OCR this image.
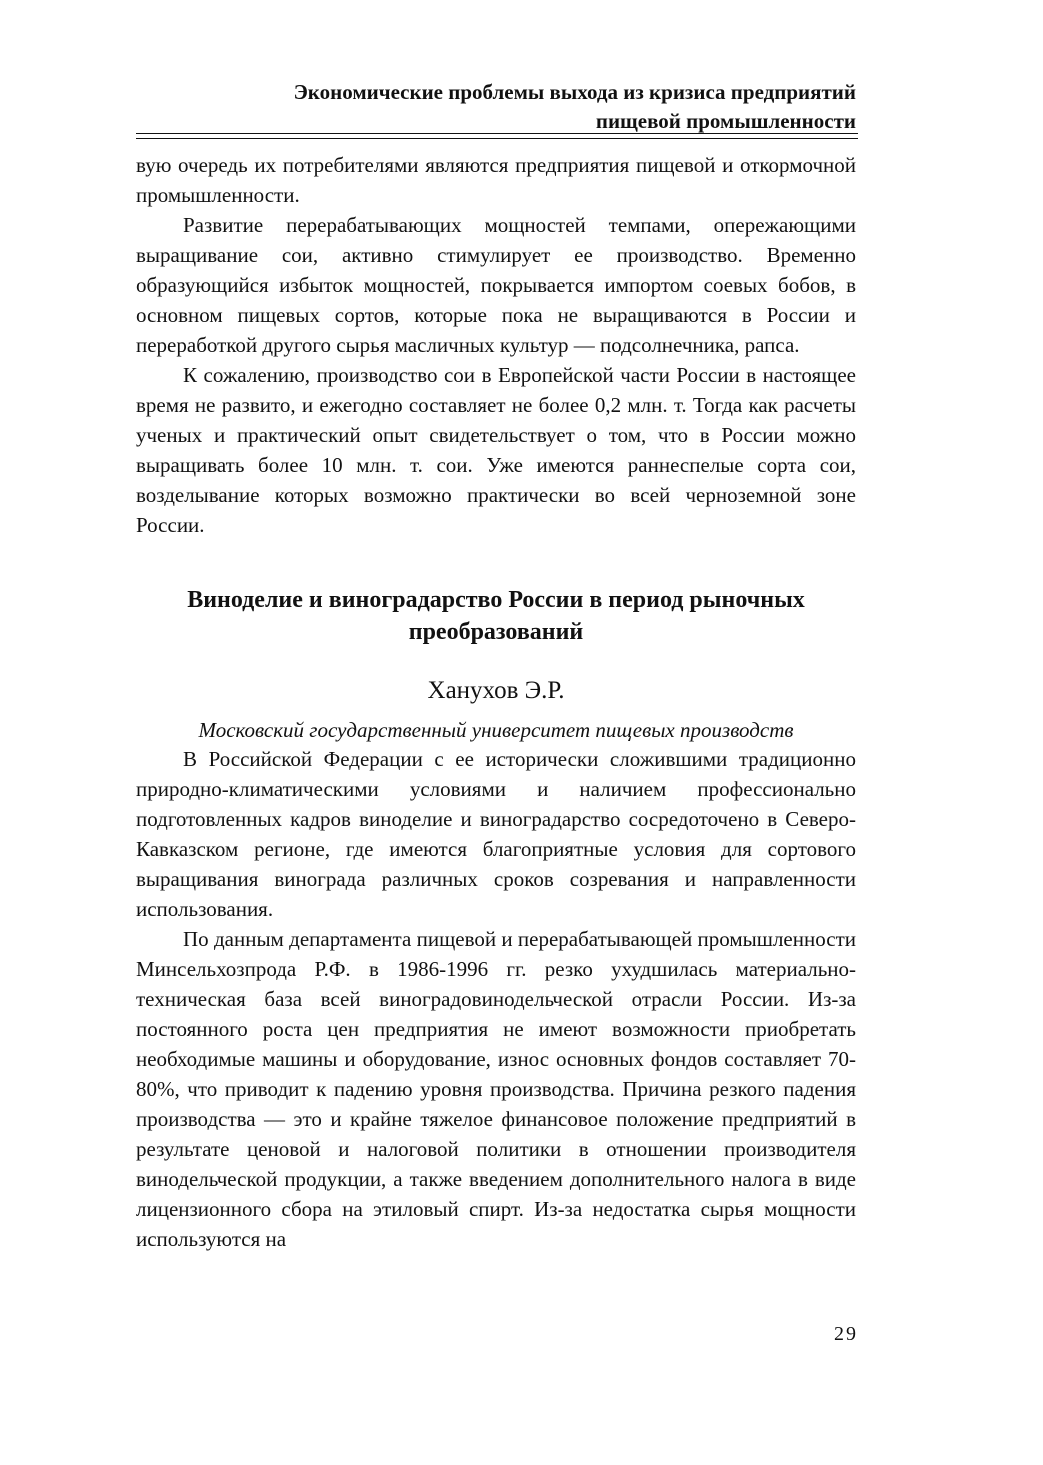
Экономические проблемы выхода из кризиса предприятий
пищевой промышленности

вую очередь их потребителями являются предприятия пищевой и откормочной промышленности.

Развитие перерабатывающих мощностей темпами, опережающими выращивание сои, активно стимулирует ее производство. Временно образующийся избыток мощностей, покрывается импортом соевых бобов, в основном пищевых сортов, которые пока не выращиваются в России и переработкой другого сырья масличных культур — подсолнечника, рапса.

К сожалению, производство сои в Европейской части России в настоящее время не развито, и ежегодно составляет не более 0,2 млн. т. Тогда как расчеты ученых и практический опыт свидетельствует о том, что в России можно выращивать более 10 млн. т. сои. Уже имеются раннеспелые сорта сои, возделывание которых возможно практически во всей черноземной зоне России.

Виноделие и виноградарство России в период рыночных
преобразований
Ханухов Э.Р.
Московский государственный университет пищевых производств

В Российской Федерации с ее исторически сложившими традиционно природно-климатическими условиями и наличием профессионально подготовленных кадров виноделие и виноградарство сосредоточено в Северо-Кавказском регионе, где имеются благоприятные условия для сортового выращивания винограда различных сроков созревания и направленности использования.

По данным департамента пищевой и перерабатывающей промышленности Минсельхозпрода Р.Ф. в 1986-1996 гг. резко ухудшилась материально-техническая база всей виноградовинодельческой отрасли России. Из-за постоянного роста цен предприятия не имеют возможности приобретать необходимые машины и оборудование, износ основных фондов составляет 70-80%, что приводит к падению уровня производства. Причина резкого падения производства — это и крайне тяжелое финансовое положение предприятий в результате ценовой и налоговой политики в отношении производителя винодельческой продукции, а также введением дополнительного налога в виде лицензионного сбора на этиловый спирт. Из-за недостатка сырья мощности используются на

29
